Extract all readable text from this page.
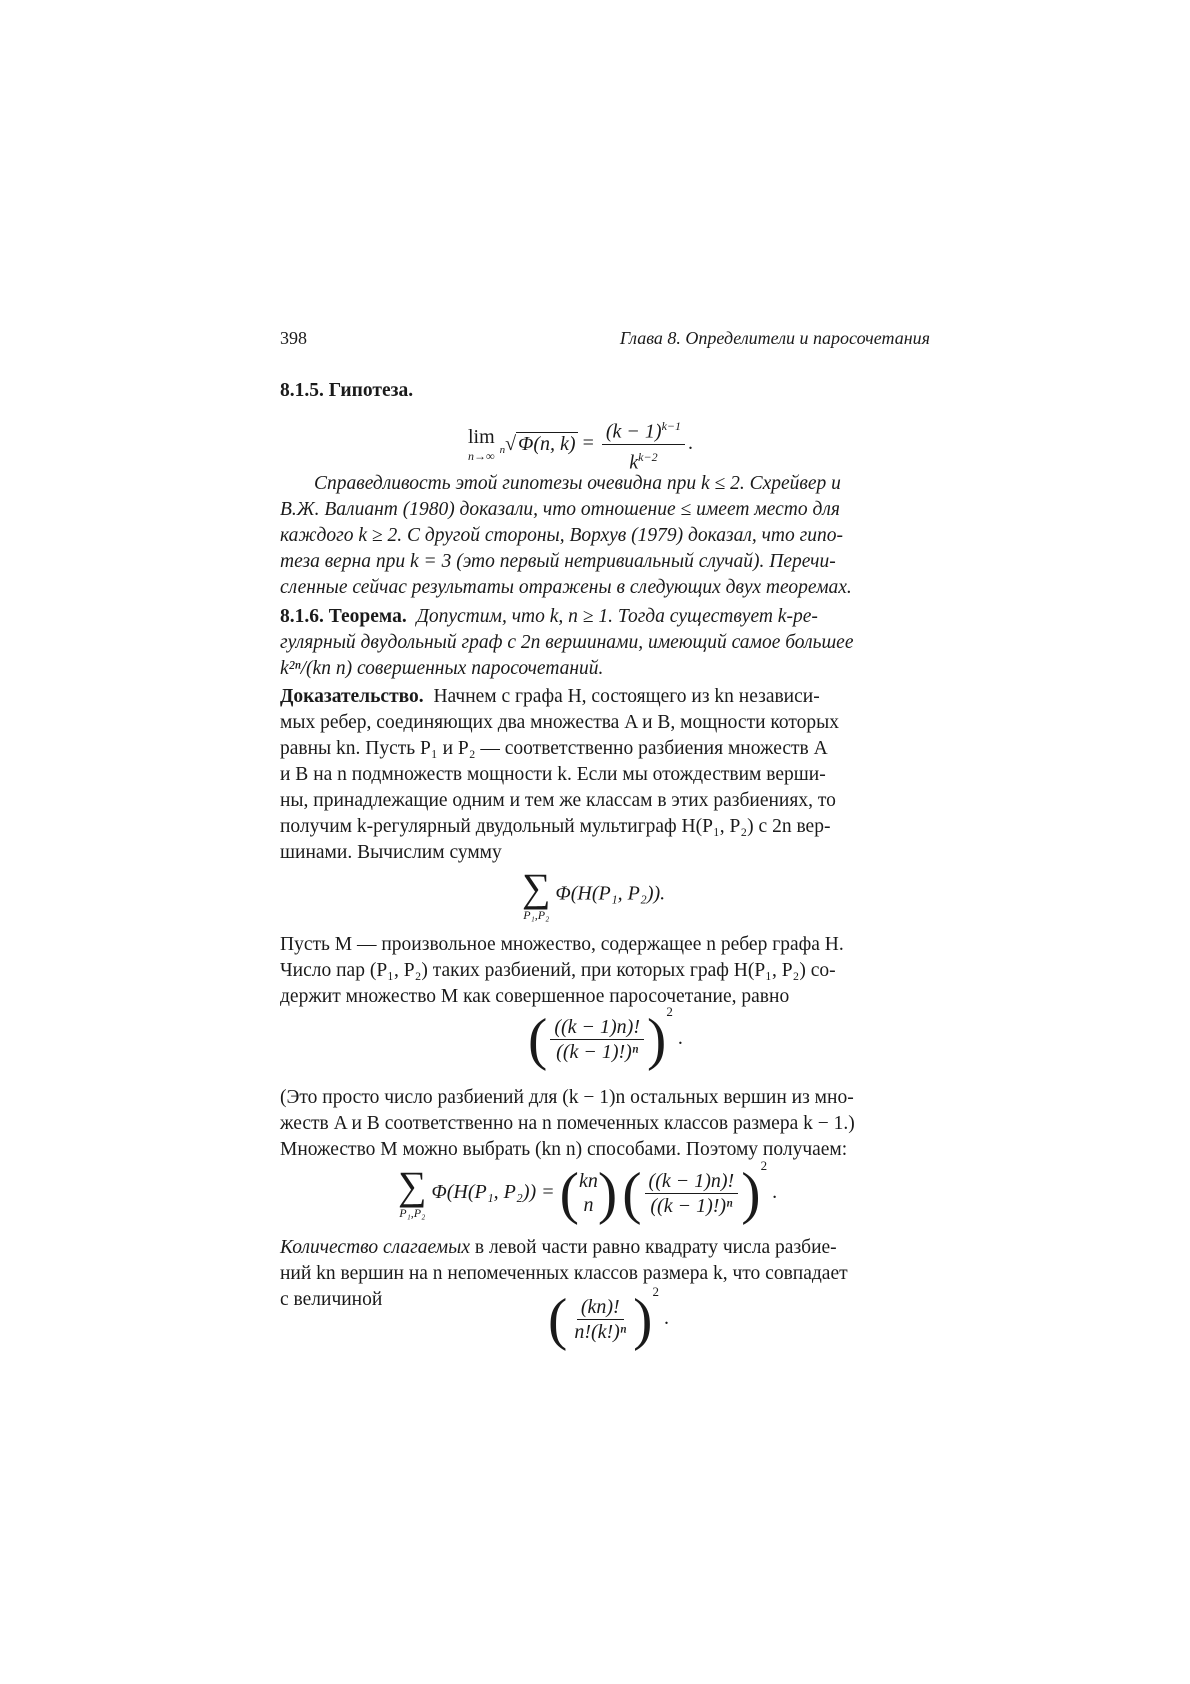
398	Глава 8. Определители и паросочетания
8.1.5. Гипотеза.
lim
n→∞
n √ Φ(n, $k) = \frac{(k - 1)^{k-1}}{k^{k-2}}$ .
Справедливость этой гипотезы очевидна при k ≤ 2. Схрейвер и
В.Ж. Валиант (1980) доказали, что отношение ≤ имеет место для
каждого k ≥ 2. С другой стороны, Ворхув (1979) доказал, что гипо-
теза верна при k = 3 (это первый нетривиальный случай). Перечи-
сленные сейчас результаты отражены в следующих двух теоремах.
8.1.6. Теорема. Допустим, что k, n ≥ 1. Тогда существует k-ре-
гулярный двудольный граф с 2n вершинами, имеющий самое большее
k²ⁿ/(kn n) совершенных паросочетаний.
Доказательство. Начнем с графа H, состоящего из kn независи-
мых ребер, соединяющих два множества A и B, мощности которых
равны kn. Пусть P₁ и P₂ — соответственно разбиения множеств A
и B на n подмножеств мощности k. Если мы отождествим верши-
ны, принадлежащие одним и тем же классам в этих разбиениях, то
получим k-регулярный двудольный мультиграф H(P₁, P₂) с 2n вер-
шинами. Вычислим сумму
∑
P₁,P₂
Φ(H(P₁, P₂)).
Пусть M — произвольное множество, содержащее n ребер графа H.
Число пар (P₁, P₂) таких разбиений, при которых граф H(P₁, P₂) со-
держит множество M как совершенное паросочетание, равно
( $\frac{((k - 1)n)!}{\text{((k − 1)!)ⁿ}} )^2$ .
(Это просто число разбиений для (k − 1)n остальных вершин из мно-
жеств A и B соответственно на n помеченных классов размера k − 1.)
Множество M можно выбрать (kn n) способами. Поэтому получаем:
∑
P₁,P₂
Φ(H(P₁, P₂)) = ( kn
n ) ( $\frac{((k - 1)n)!}{\text{((k − 1)!)ⁿ}} )^2$ .
Количество слагаемых в левой части равно квадрату числа разбие-
ний kn вершин на n непомеченных классов размера k, что совпадает
с величиной	( $\frac{(kn)!}{\text{n!(k!)ⁿ}} )^2$ .
